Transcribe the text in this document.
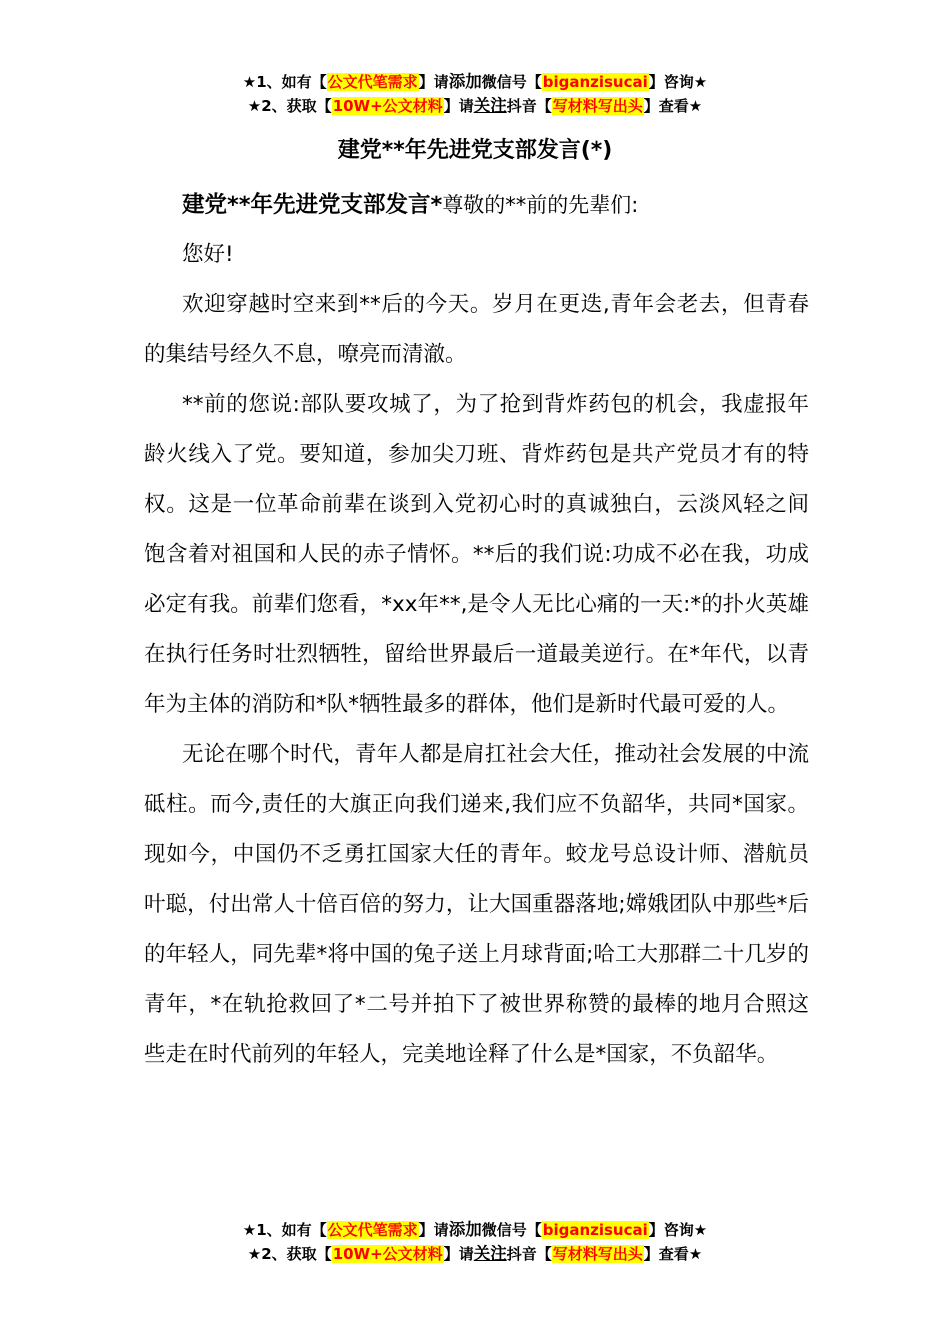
★1、如有【公文代笔需求】请添加微信号【biganzisucai】咨询★
★2、获取【10W+公文材料】请关注抖音【写材料写出头】查看★
建党**年先进党支部发言(*)

建党**年先进党支部发言*尊敬的**前的先辈们:

您好!

欢迎穿越时空来到**后的今天。岁月在更迭,青年会老去，但青春的集结号经久不息，嘹亮而清澈。

**前的您说:部队要攻城了，为了抢到背炸药包的机会，我虚报年龄火线入了党。要知道，参加尖刀班、背炸药包是共产党员才有的特权。这是一位革命前辈在谈到入党初心时的真诚独白，云淡风轻之间饱含着对祖国和人民的赤子情怀。**后的我们说:功成不必在我，功成必定有我。前辈们您看，*xx年**,是令人无比心痛的一天:*的扑火英雄在执行任务时壮烈牺牲，留给世界最后一道最美逆行。在*年代，以青年为主体的消防和*队*牺牲最多的群体，他们是新时代最可爱的人。

无论在哪个时代，青年人都是肩扛社会大任，推动社会发展的中流砥柱。而今,责任的大旗正向我们递来,我们应不负韶华，共同*国家。现如今，中国仍不乏勇扛国家大任的青年。蛟龙号总设计师、潜航员叶聪，付出常人十倍百倍的努力，让大国重器落地;嫦娥团队中那些*后的年轻人，同先辈*将中国的兔子送上月球背面;哈工大那群二十几岁的青年，*在轨抢救回了*二号并拍下了被世界称赞的最棒的地月合照这些走在时代前列的年轻人，完美地诠释了什么是*国家，不负韶华。

★1、如有【公文代笔需求】请添加微信号【biganzisucai】咨询★
★2、获取【10W+公文材料】请关注抖音【写材料写出头】查看★
